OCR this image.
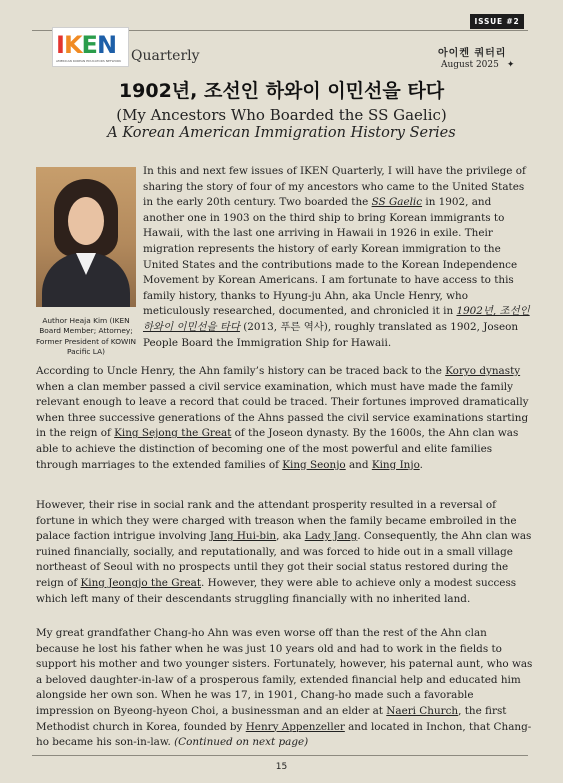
ISSUE #2
IKEN
AMERICAN KOREAN EDUCATORS NETWORK Quarterly	아이켄 쿼터리
August 2025 ✦
1902년, 조선인 하와이 이민선을 타다
(My Ancestors Who Boarded the SS Gaelic)
A Korean American Immigration History Series
Author Heaja Kim (IKEN Board Member; Attorney; Former President of KOWIN Pacific LA)

In this and next few issues of IKEN Quarterly, I will have the privilege of sharing the story of four of my ancestors who came to the United States in the early 20th century. Two boarded the SS Gaelic in 1902, and another one in 1903 on the third ship to bring Korean immigrants to Hawaii, with the last one arriving in Hawaii in 1926 in exile. Their migration represents the history of early Korean immigration to the United States and the contributions made to the Korean Independence Movement by Korean Americans. I am fortunate to have access to this family history, thanks to Hyung-ju Ahn, aka Uncle Henry, who meticulously researched, documented, and chronicled it in 1902년, 조선인 하와이 이민선을 타다 (2013, 푸른 역사), roughly translated as 1902, Joseon People Board the Immigration Ship for Hawaii.

According to Uncle Henry, the Ahn family’s history can be traced back to the Koryo dynasty when a clan member passed a civil service examination, which must have made the family relevant enough to leave a record that could be traced. Their fortunes improved dramatically when three successive generations of the Ahns passed the civil service examinations starting in the reign of King Sejong the Great of the Joseon dynasty. By the 1600s, the Ahn clan was able to achieve the distinction of becoming one of the most powerful and elite families through marriages to the extended families of King Seonjo and King Injo.

However, their rise in social rank and the attendant prosperity resulted in a reversal of fortune in which they were charged with treason when the family became embroiled in the palace faction intrigue involving Jang Hui-bin, aka Lady Jang. Consequently, the Ahn clan was ruined financially, socially, and reputationally, and was forced to hide out in a small village northeast of Seoul with no prospects until they got their social status restored during the reign of King Jeongjo the Great. However, they were able to achieve only a modest success which left many of their descendants struggling financially with no inherited land.

My great grandfather Chang-ho Ahn was even worse off than the rest of the Ahn clan because he lost his father when he was just 10 years old and had to work in the fields to support his mother and two younger sisters. Fortunately, however, his paternal aunt, who was a beloved daughter-in-law of a prosperous family, extended financial help and educated him alongside her own son. When he was 17, in 1901, Chang-ho made such a favorable impression on Byeong-hyeon Choi, a businessman and an elder at Naeri Church, the first Methodist church in Korea, founded by Henry Appenzeller and located in Inchon, that Chang-ho became his son-in-law. (Continued on next page)

15
